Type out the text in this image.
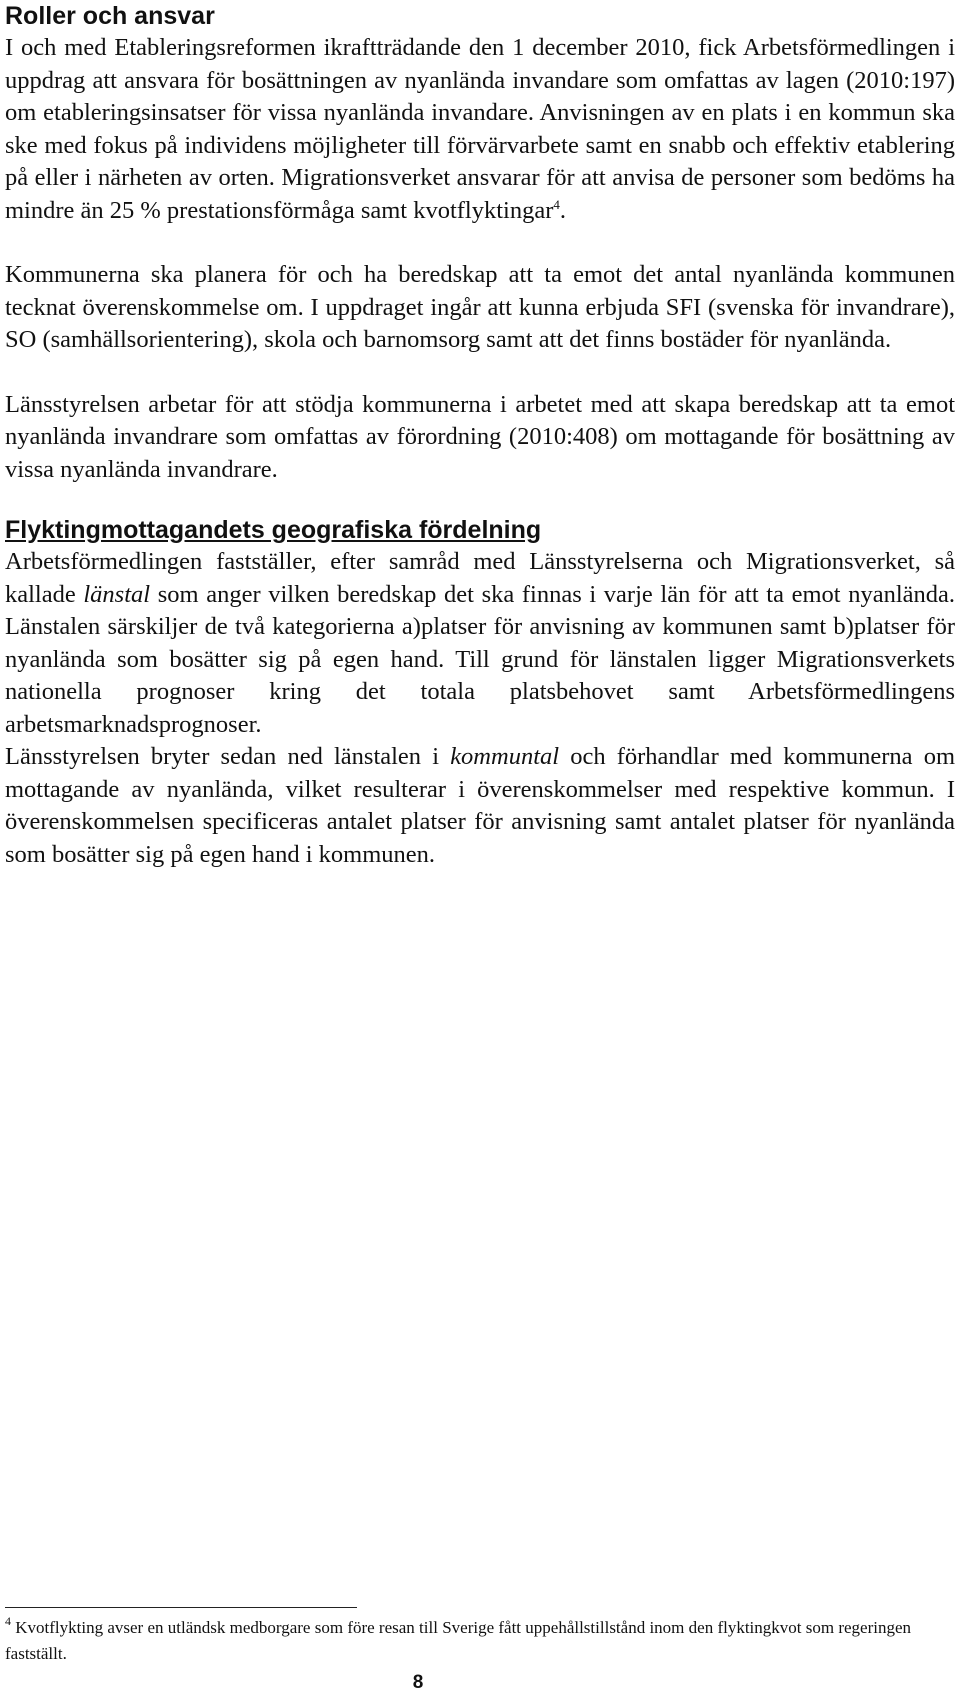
Roller och ansvar

I och med Etableringsreformen ikraftträdande den 1 december 2010, fick Arbetsförmedlingen i uppdrag att ansvara för bosättningen av nyanlända invandare som omfattas av lagen (2010:197) om etableringsinsatser för vissa nyanlända invandare. Anvisningen av en plats i en kommun ska ske med fokus på individens möjligheter till förvärvarbete samt en snabb och effektiv etablering på eller i närheten av orten. Migrationsverket ansvarar för att anvisa de personer som bedöms ha mindre än 25 % prestationsförmåga samt kvotflyktingar$^4$.

Kommunerna ska planera för och ha beredskap att ta emot det antal nyanlända kommunen tecknat överenskommelse om. I uppdraget ingår att kunna erbjuda SFI (svenska för invandrare), SO (samhällsorientering), skola och barnomsorg samt att det finns bostäder för nyanlända.

Länsstyrelsen arbetar för att stödja kommunerna i arbetet med att skapa beredskap att ta emot nyanlända invandrare som omfattas av förordning (2010:408) om mottagande för bosättning av vissa nyanlända invandrare.

Flyktingmottagandets geografiska fördelning

Arbetsförmedlingen fastställer, efter samråd med Länsstyrelserna och Migrationsverket, så kallade länstal som anger vilken beredskap det ska finnas i varje län för att ta emot nyanlända. Länstalen särskiljer de två kategorierna a)platser för anvisning av kommunen samt b)platser för nyanlända som bosätter sig på egen hand. Till grund för länstalen ligger Migrationsverkets nationella prognoser kring det totala platsbehovet samt Arbetsförmedlingens arbetsmarknadsprognoser.

Länsstyrelsen bryter sedan ned länstalen i kommuntal och förhandlar med kommunerna om mottagande av nyanlända, vilket resulterar i överenskommelser med respektive kommun. I överenskommelsen specificeras antalet platser för anvisning samt antalet platser för nyanlända som bosätter sig på egen hand i kommunen.

$^4$ Kvotflykting avser en utländsk medborgare som före resan till Sverige fått uppehållstillstånd inom den flyktingkvot som regeringen fastställt.
8
